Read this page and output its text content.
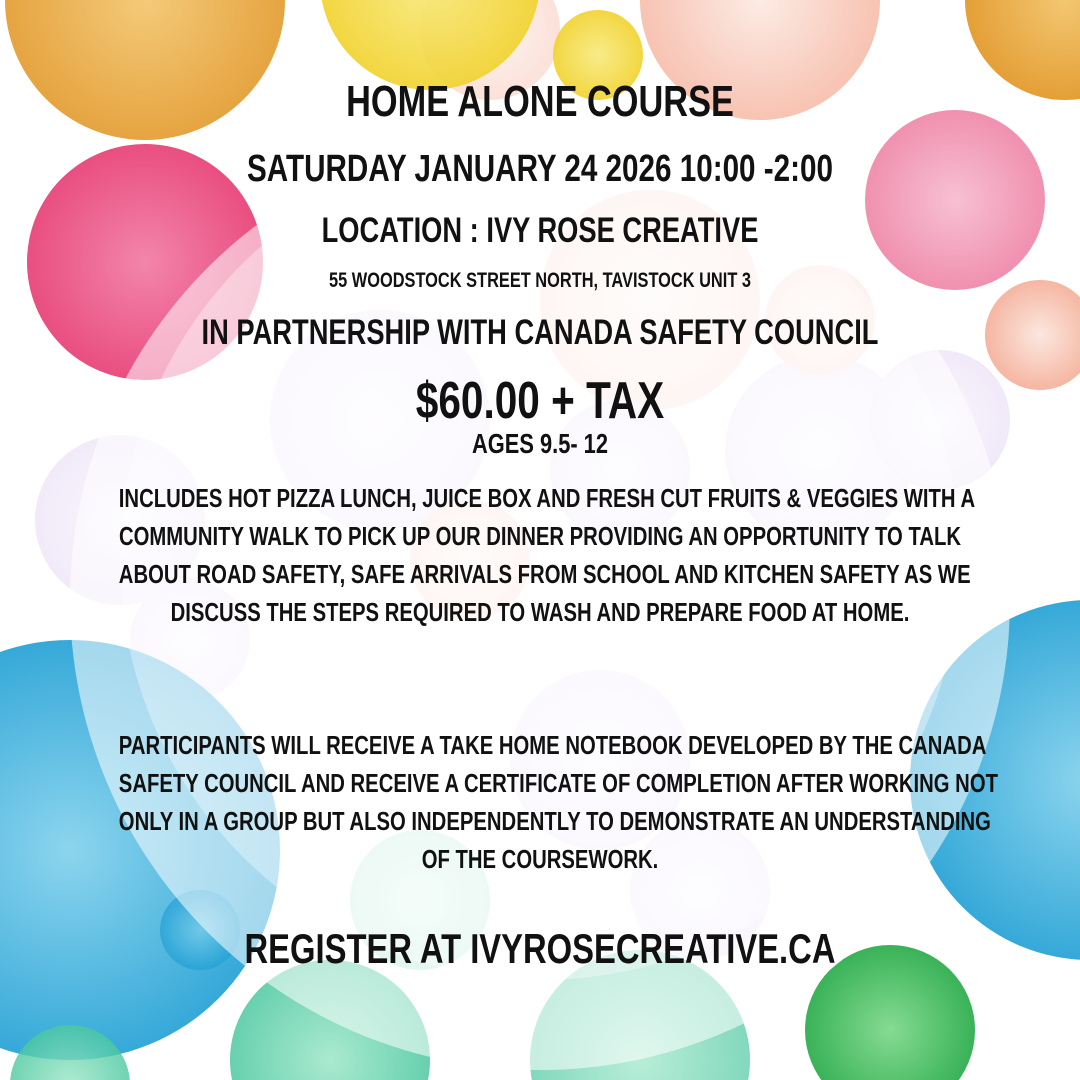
HOME ALONE COURSE
SATURDAY JANUARY 24 2026 10:00 -2:00
LOCATION : IVY ROSE CREATIVE
55 WOODSTOCK STREET NORTH, TAVISTOCK UNIT 3
IN PARTNERSHIP WITH CANADA SAFETY COUNCIL
$60.00 + TAX
AGES 9.5- 12
INCLUDES HOT PIZZA LUNCH, JUICE BOX AND FRESH CUT FRUITS & VEGGIES WITH A
COMMUNITY WALK TO PICK UP OUR DINNER PROVIDING AN OPPORTUNITY TO TALK
ABOUT ROAD SAFETY, SAFE ARRIVALS FROM SCHOOL AND KITCHEN SAFETY AS WE
DISCUSS THE STEPS REQUIRED TO WASH AND PREPARE FOOD AT HOME.
PARTICIPANTS WILL RECEIVE A TAKE HOME NOTEBOOK DEVELOPED BY THE CANADA
SAFETY COUNCIL AND RECEIVE A CERTIFICATE OF COMPLETION AFTER WORKING NOT
ONLY IN A GROUP BUT ALSO INDEPENDENTLY TO DEMONSTRATE AN UNDERSTANDING
OF THE COURSEWORK.
REGISTER AT IVYROSECREATIVE.CA
